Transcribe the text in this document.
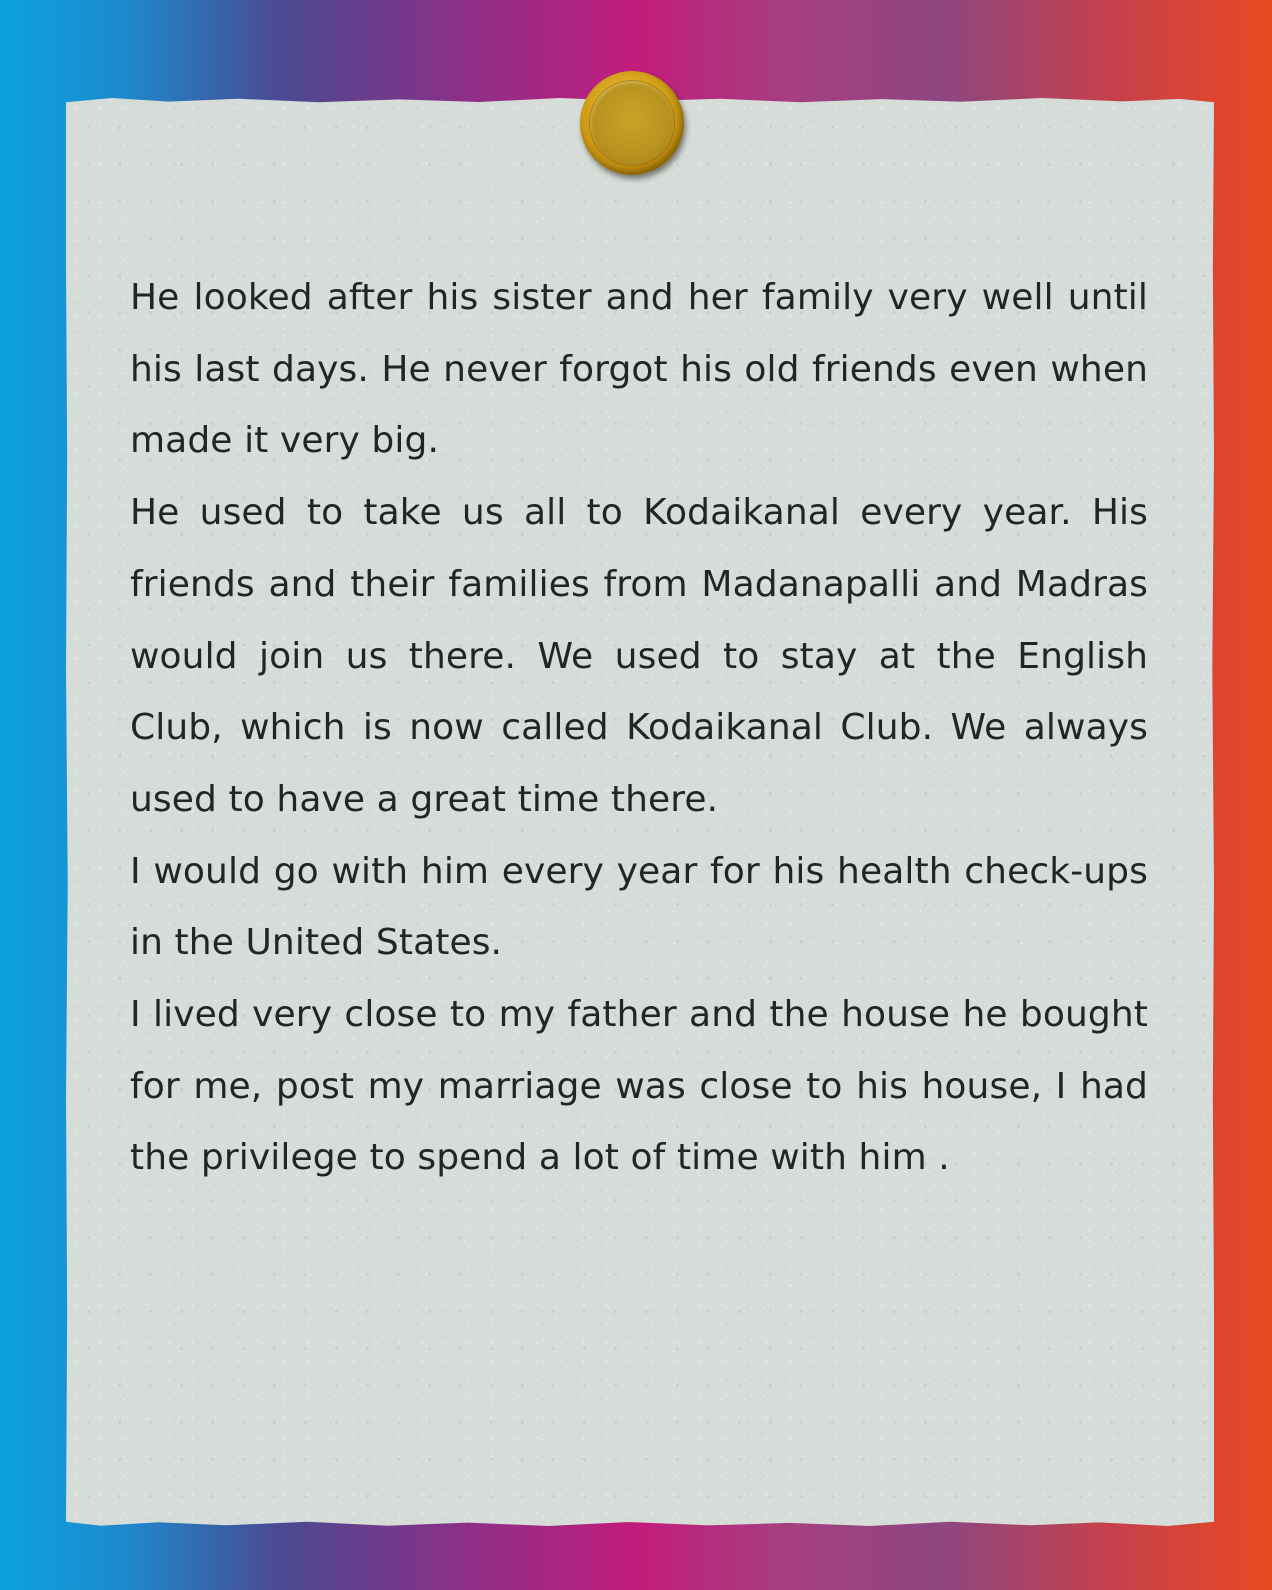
He looked after his sister and her family very well until his last days. He never forgot his old friends even when made it very big.

He used to take us all to Kodaikanal every year. His friends and their families from Madanapalli and Madras would join us there. We used to stay at the English Club, which is now called Kodaikanal Club. We always used to have a great time there.

I would go with him every year for his health check-ups in the United States.

I lived very close to my father and the house he bought for me, post my marriage was close to his house, I had the privilege to spend a lot of time with him .
